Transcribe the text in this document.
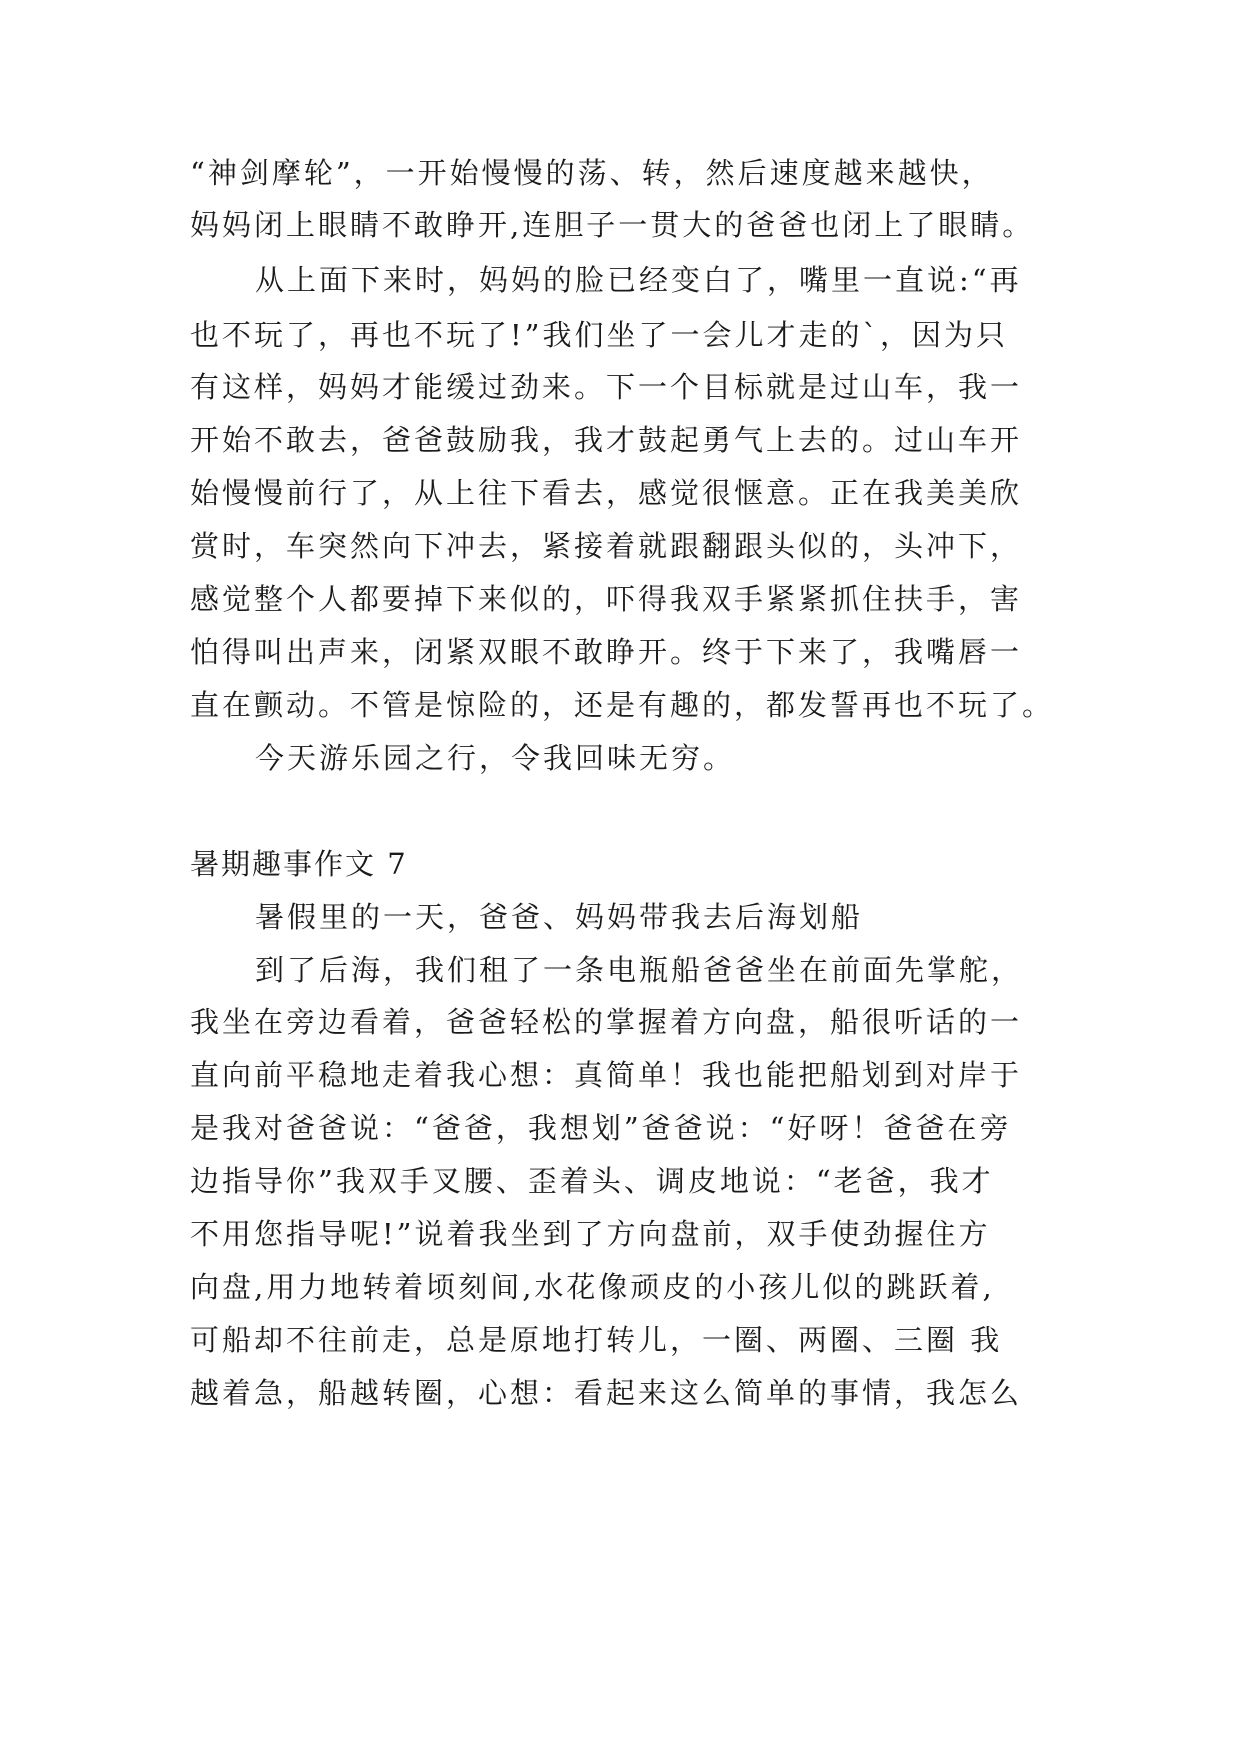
“神剑摩轮”，一开始慢慢的荡、转，然后速度越来越快，
妈妈闭上眼睛不敢睁开,连胆子一贯大的爸爸也闭上了眼睛。
从上面下来时，妈妈的脸已经变白了，嘴里一直说:“再
也不玩了，再也不玩了!”我们坐了一会儿才走的`，因为只
有这样，妈妈才能缓过劲来。下一个目标就是过山车，我一
开始不敢去，爸爸鼓励我，我才鼓起勇气上去的。过山车开
始慢慢前行了，从上往下看去，感觉很惬意。正在我美美欣
赏时，车突然向下冲去，紧接着就跟翻跟头似的，头冲下，
感觉整个人都要掉下来似的，吓得我双手紧紧抓住扶手，害
怕得叫出声来，闭紧双眼不敢睁开。终于下来了，我嘴唇一
直在颤动。不管是惊险的，还是有趣的，都发誓再也不玩了。
今天游乐园之行，令我回味无穷。
暑期趣事作文 7
暑假里的一天，爸爸、妈妈带我去后海划船
到了后海，我们租了一条电瓶船爸爸坐在前面先掌舵，
我坐在旁边看着，爸爸轻松的掌握着方向盘，船很听话的一
直向前平稳地走着我心想：真简单！我也能把船划到对岸于
是我对爸爸说：“爸爸，我想划”爸爸说：“好呀！爸爸在旁
边指导你”我双手叉腰、歪着头、调皮地说：“老爸，我才
不用您指导呢!”说着我坐到了方向盘前，双手使劲握住方
向盘,用力地转着顷刻间,水花像顽皮的小孩儿似的跳跃着,
可船却不往前走，总是原地打转儿，一圈、两圈、三圈 我
越着急，船越转圈，心想：看起来这么简单的事情，我怎么
